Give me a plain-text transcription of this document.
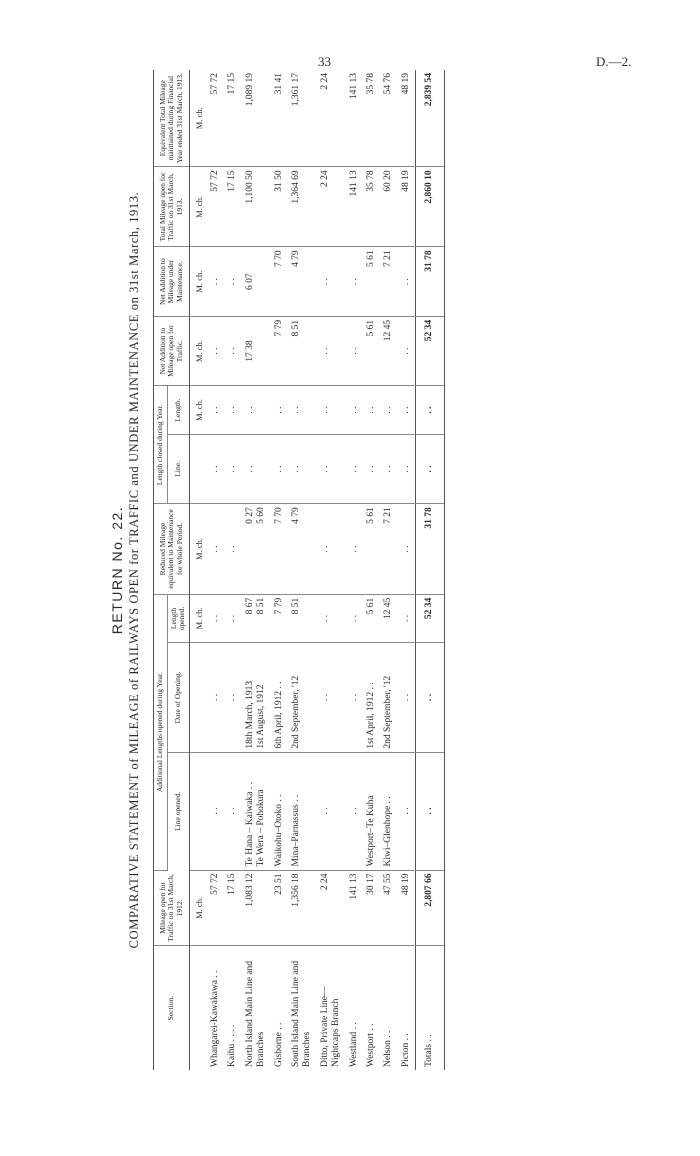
33	D.—2.
RETURN No. 22. COMPARATIVE STATEMENT of MILEAGE of RAILWAYS OPEN for TRAFFIC and UNDER MAINTENANCE on 31st March, 1913.
Section.	Mileage open for Traffic on 31st March, 1912.	Additional Lengths opened during Year.			Reduced Mileage equivalent to Maintenance for whole Period.	Length closed during Year.		Net Addition to Mileage open for Traffic.	Net Addition to Mileage under Maintenance.	Total Mileage open for Traffic on 31st March, 1913.	Equivalent Total Mileage maintained during Financial Year ended 31st March, 1913.
		Line opened.	Date of Opening.	Length opened.		Line.	Length.				
	M. ch.			M. ch.	M. ch.		M. ch.	M. ch.	M. ch.	M. ch.	M. ch.
Whangarei-Kawakawa . .	57 72	. .	. .	. .	. .	. .	. .	. .	. .	57 72	57 72
Kaihu . . . .	17 15	. .	. .	. .	. .	. .	. .	. .	. .	17 15	17 15
North Island Main Line and Branches	1,083 12	Te Hana – Kaiwaka . . Te Wera – Pohokura	18th March, 1913 1st August, 1912	8 67 8 51	0 27 5 60	. .	. .	17 38	6 07	1,100 50	1,089 19
Gisborne . .	23 51	Waikohu–Otoko . .	6th April, 1912 . .	7 79	7 70	. .	. .	7 79	7 70	31 50	31 41
South Island Main Line and Branches	1,356 18	Mina–Parnassus . .	2nd September, '12	8 51	4 79	. .	. .	8 51	4 79	1,364 69	1,361 17
Ditto, Private Line—Nightcaps Branch	2 24	. .	. .	. .	. .	. .	. .	. .	. .	2 24	2 24
Westland . .	141 13	. .	. .	. .	. .	. .	. .	. .	. .	141 13	141 13
Westport . .	30 17	Westport–Te Kuha	1st April, 1912 . .	5 61	5 61	. .	. .	5 61	5 61	35 78	35 78
Nelson . .	47 55	Kiwi–Glenhope . .	2nd September, '12	12 45	7 21	. .	. .	12 45	7 21	60 20	54 76
Picton . .	48 19	. .	. .	. .	. .	. .	. .	. .	. .	48 19	48 19
Totals . .	2,807 66	. .	. .	52 34	31 78	. .	. .	52 34	31 78	2,860 10	2,839 54
